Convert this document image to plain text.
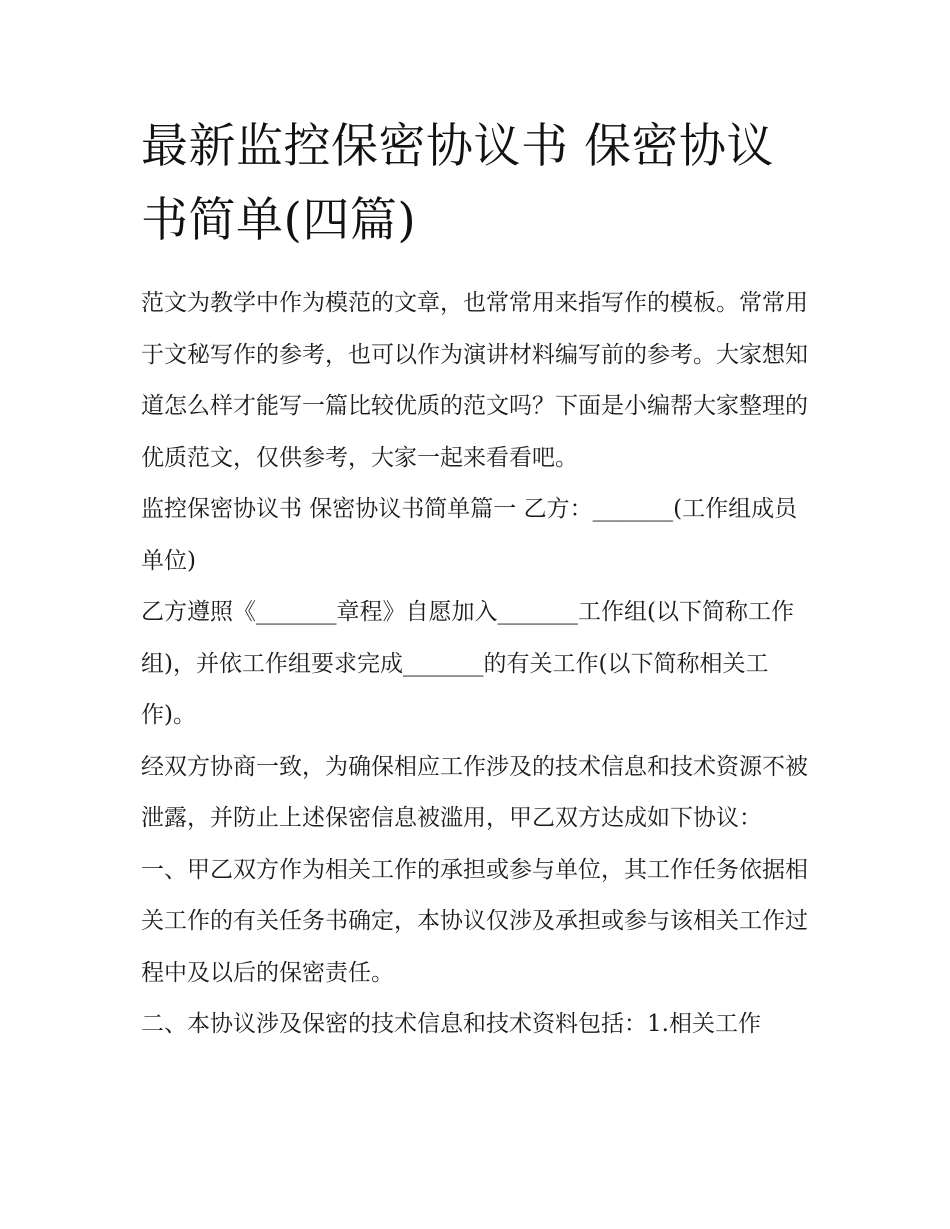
最新监控保密协议书 保密协议书简单(四篇)

范文为教学中作为模范的文章，也常常用来指写作的模板。常常用于文秘写作的参考，也可以作为演讲材料编写前的参考。大家想知道怎么样才能写一篇比较优质的范文吗？下面是小编帮大家整理的优质范文，仅供参考，大家一起来看看吧。

监控保密协议书 保密协议书简单篇一 乙方：_______(工作组成员单位)

乙方遵照《_______章程》自愿加入_______工作组(以下简称工作组)，并依工作组要求完成_______的有关工作(以下简称相关工作)。

经双方协商一致，为确保相应工作涉及的技术信息和技术资源不被泄露，并防止上述保密信息被滥用，甲乙双方达成如下协议：

一、甲乙双方作为相关工作的承担或参与单位，其工作任务依据相关工作的有关任务书确定，本协议仅涉及承担或参与该相关工作过程中及以后的保密责任。

二、本协议涉及保密的技术信息和技术资料包括：1.相关工作
